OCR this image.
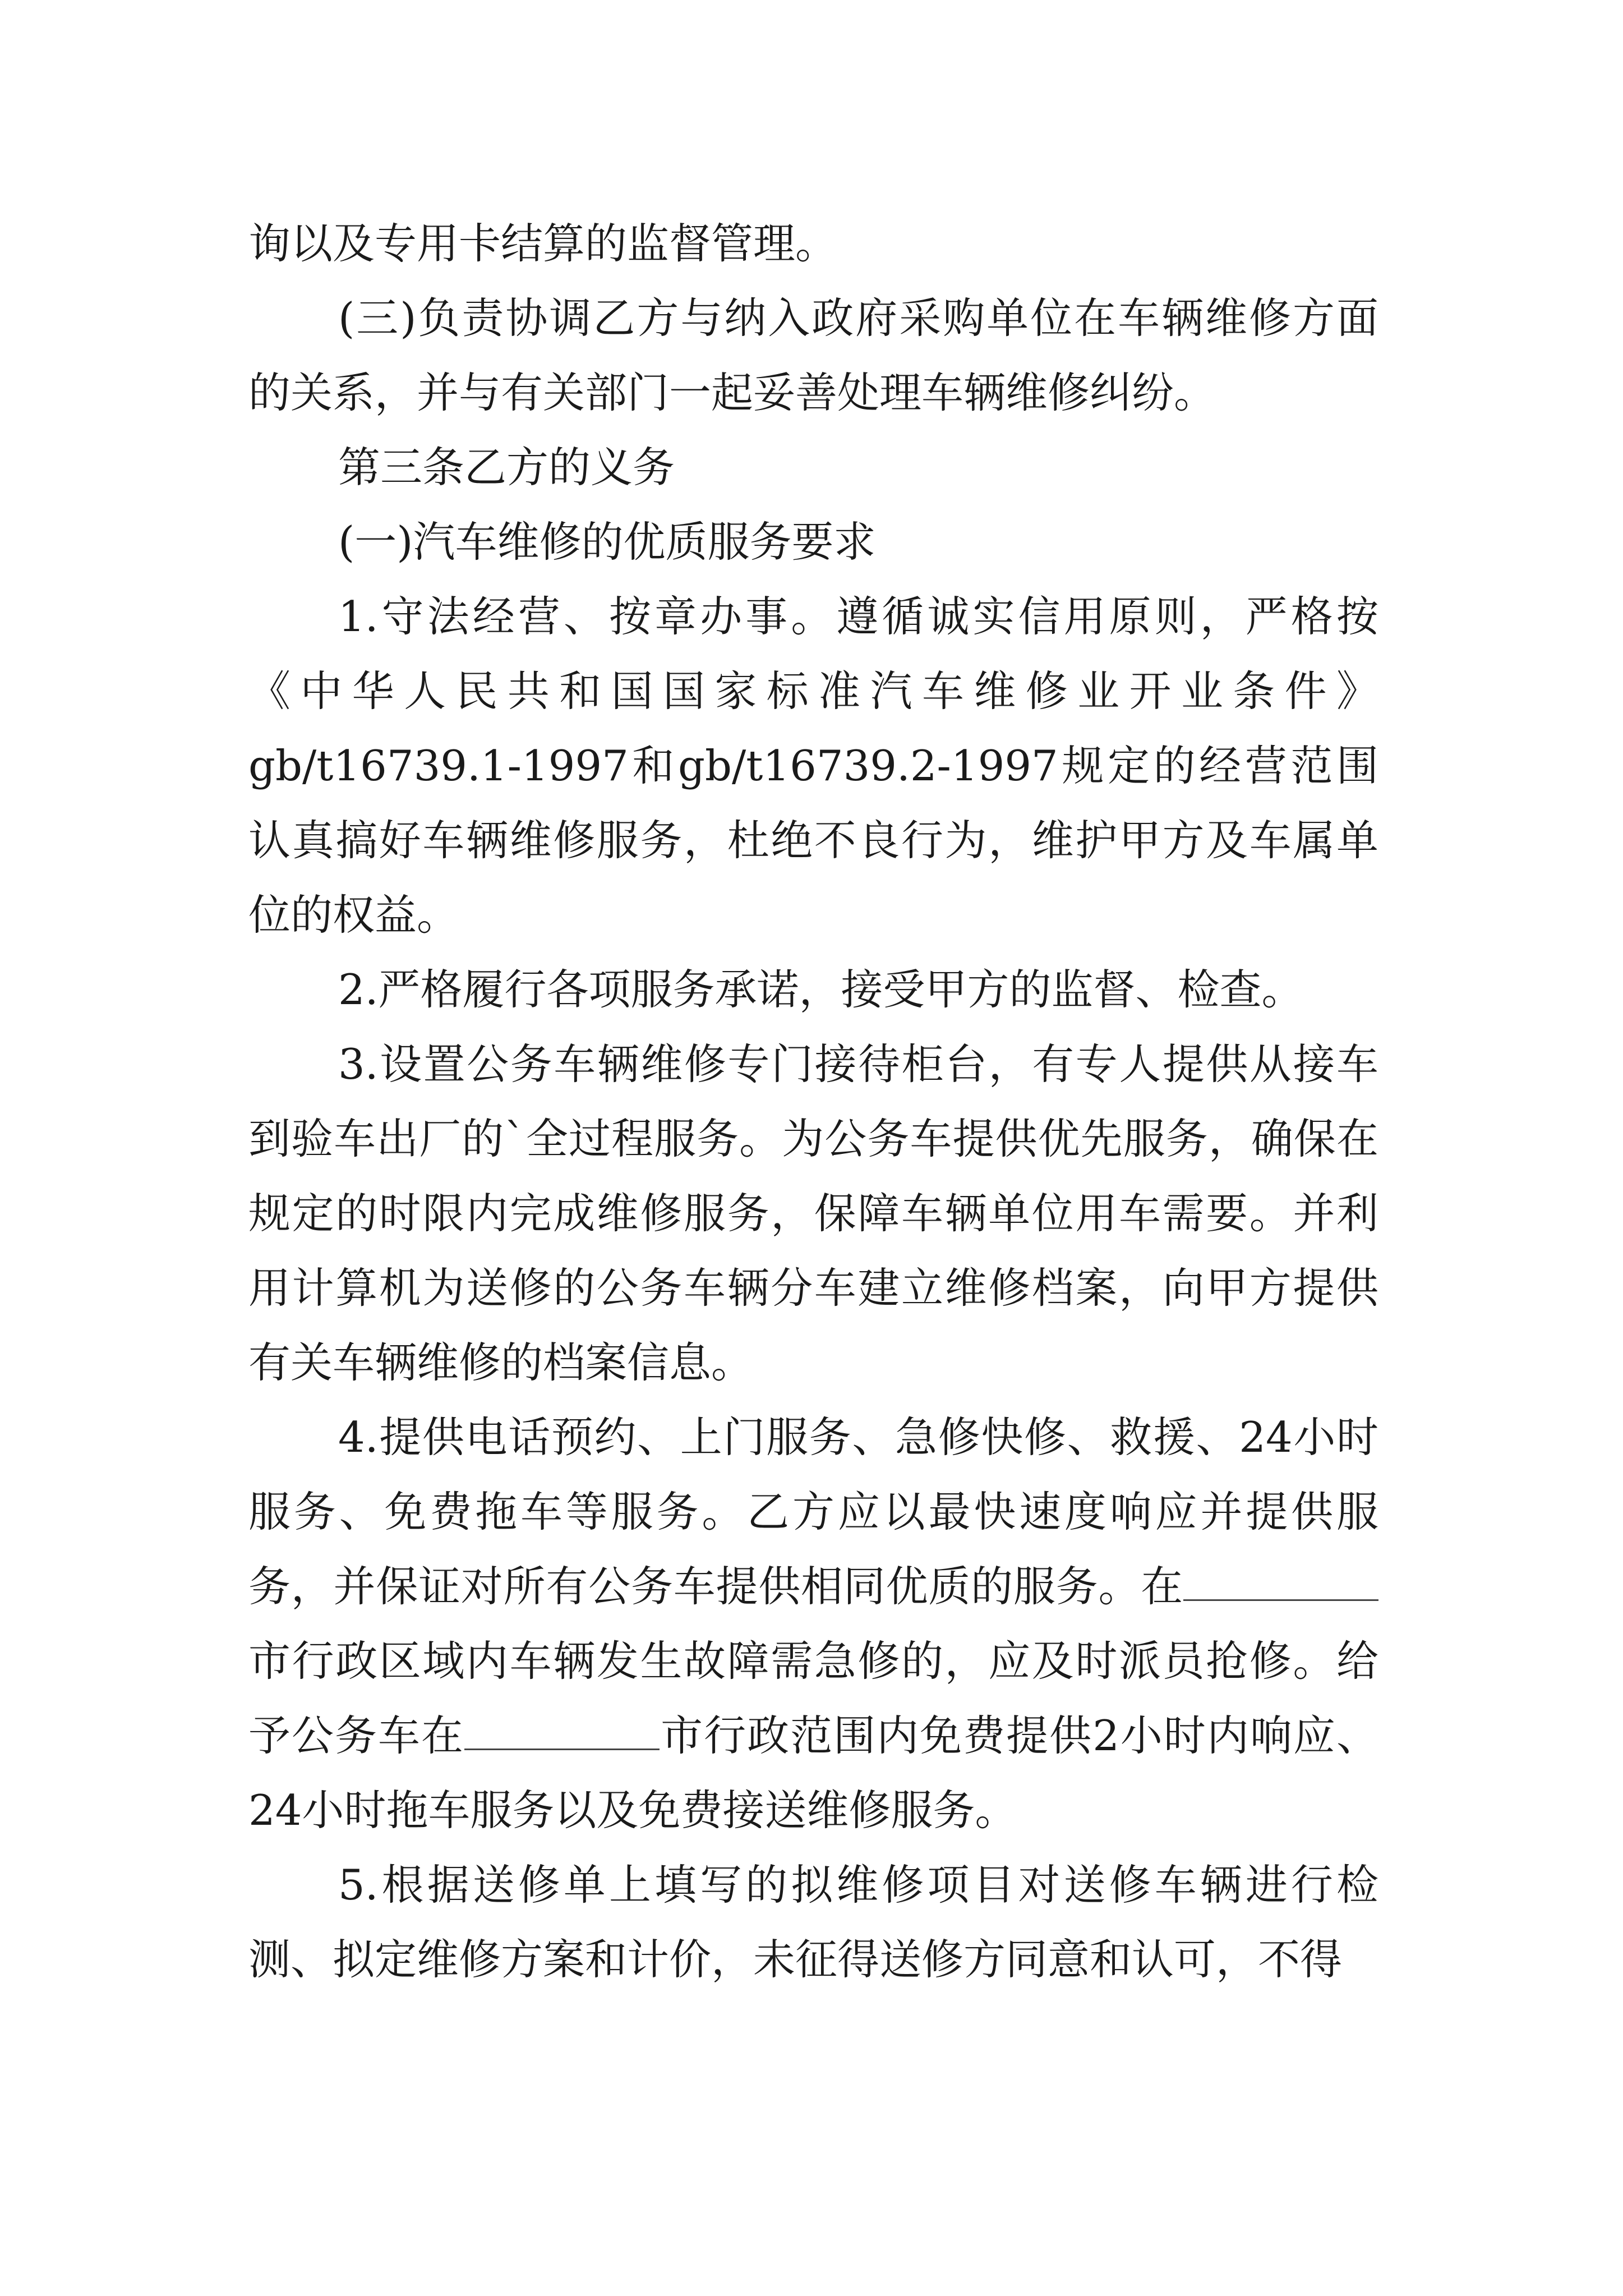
询以及专用卡结算的监督管理。

(三)负责协调乙方与纳入政府采购单位在车辆维修方面的关系，并与有关部门一起妥善处理车辆维修纠纷。

第三条乙方的义务

(一)汽车维修的优质服务要求

1.守法经营、按章办事。遵循诚实信用原则，严格按《中华人民共和国国家标准汽车维修业开业条件》gb/t16739.1-1997和gb/t16739.2-1997规定的经营范围认真搞好车辆维修服务，杜绝不良行为，维护甲方及车属单位的权益。

2.严格履行各项服务承诺，接受甲方的监督、检查。

3.设置公务车辆维修专门接待柜台，有专人提供从接车到验车出厂的`全过程服务。为公务车提供优先服务，确保在规定的时限内完成维修服务，保障车辆单位用车需要。并利用计算机为送修的公务车辆分车建立维修档案，向甲方提供有关车辆维修的档案信息。

4.提供电话预约、上门服务、急修快修、救援、24小时服务、免费拖车等服务。乙方应以最快速度响应并提供服务，并保证对所有公务车提供相同优质的服务。在市行政区域内车辆发生故障需急修的，应及时派员抢修。给予公务车在	市行政范围内免费提供2小时内响应、24小时拖车服务以及免费接送维修服务。

5.根据送修单上填写的拟维修项目对送修车辆进行检测、拟定维修方案和计价，未征得送修方同意和认可，不得
